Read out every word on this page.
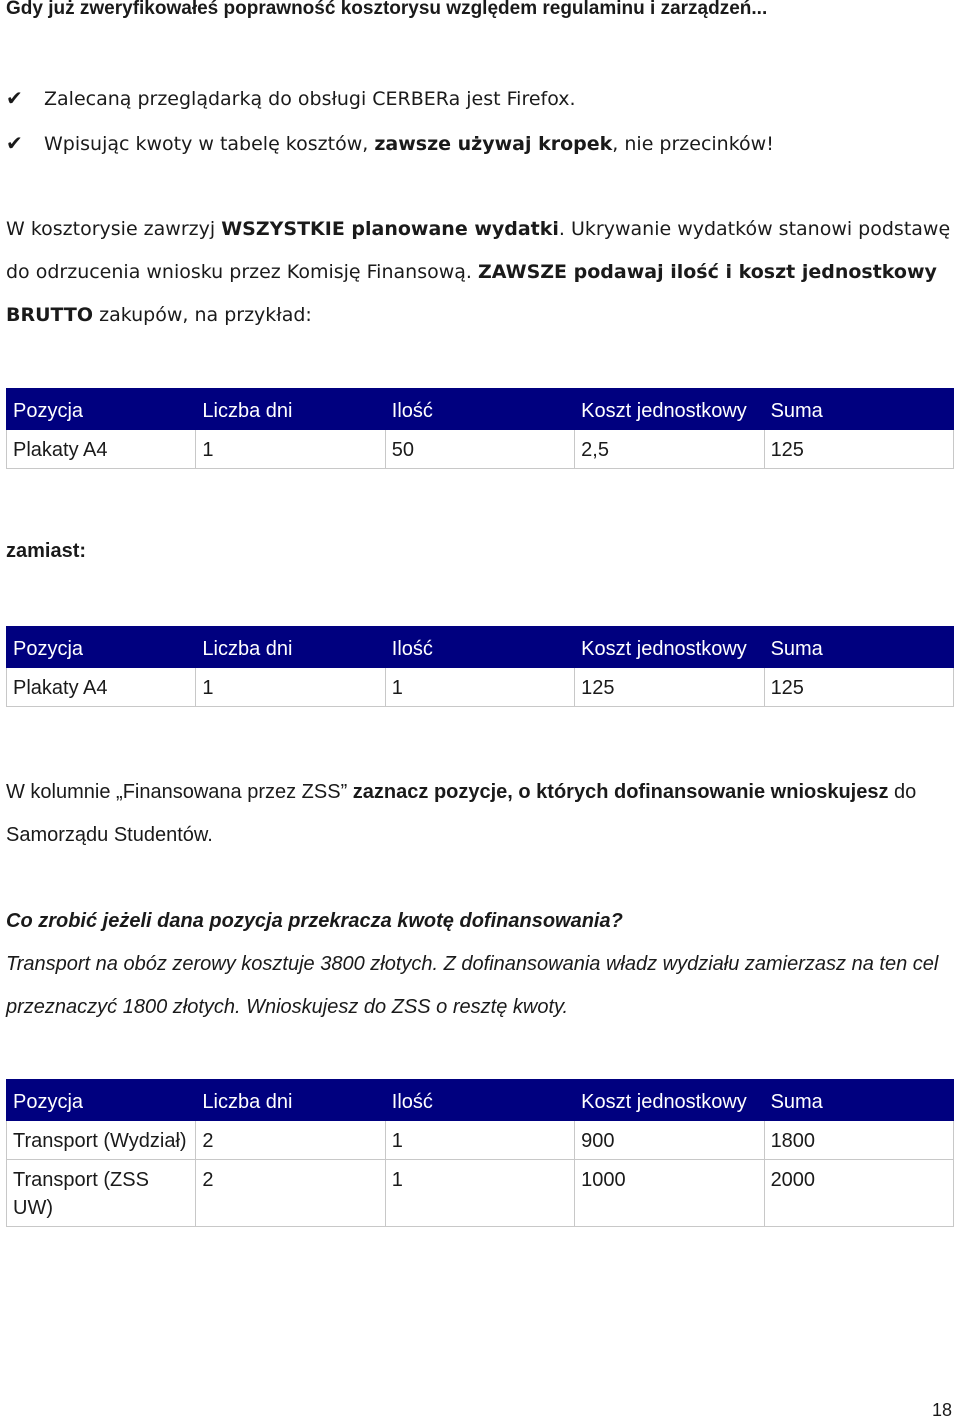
Gdy już zweryfikowałeś poprawność kosztorysu względem regulaminu i zarządzeń...
✔ Zalecaną przeglądarką do obsługi CERBERa jest Firefox.
✔ Wpisując kwoty w tabelę kosztów, zawsze używaj kropek, nie przecinków!
W kosztorysie zawrzyj WSZYSTKIE planowane wydatki. Ukrywanie wydatków stanowi podstawę do odrzucenia wniosku przez Komisję Finansową. ZAWSZE podawaj ilość i koszt jednostkowy BRUTTO zakupów, na przykład:
Pozycja	Liczba dni	Ilość	Koszt jednostkowy	Suma
Plakaty A4	1	50	2,5	125
zamiast:
Pozycja	Liczba dni	Ilość	Koszt jednostkowy	Suma
Plakaty A4	1	1	125	125
W kolumnie „Finansowana przez ZSS” zaznacz pozycje, o których dofinansowanie wnioskujesz do Samorządu Studentów.
Co zrobić jeżeli dana pozycja przekracza kwotę dofinansowania?
Transport na obóz zerowy kosztuje 3800 złotych. Z dofinansowania władz wydziału zamierzasz na ten cel przeznaczyć 1800 złotych. Wnioskujesz do ZSS o resztę kwoty.
Pozycja	Liczba dni	Ilość	Koszt jednostkowy	Suma
Transport (Wydział)	2	1	900	1800
Transport (ZSS UW)	2	1	1000	2000
18
